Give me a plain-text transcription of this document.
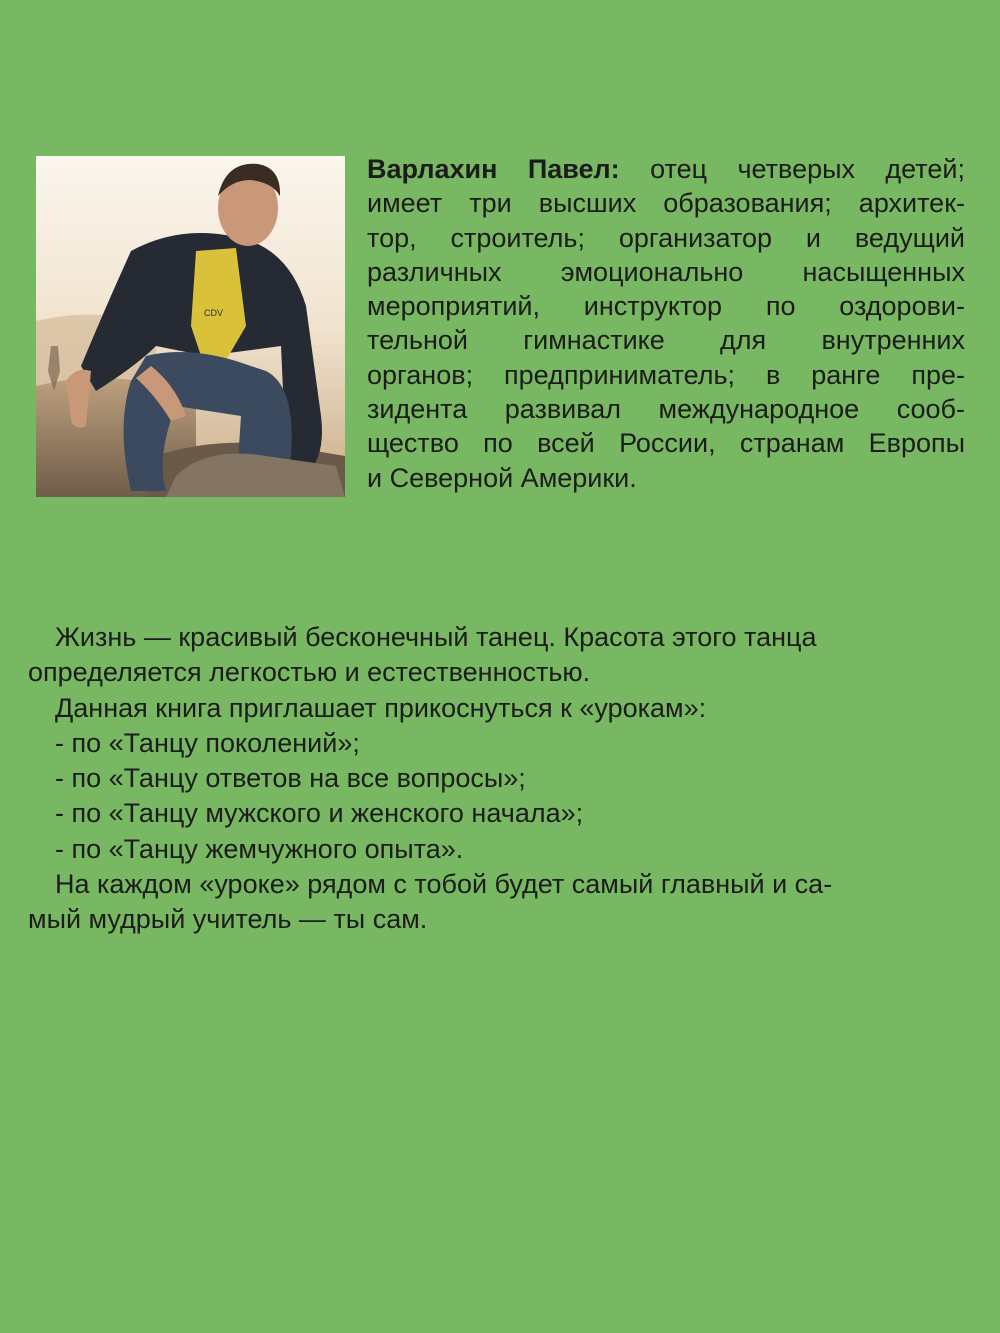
CDV

Варлахин Павел: отец четверых детей;
имеет три высших образования; архитек-
тор, строитель; организатор и ведущий
различных эмоционально насыщенных
мероприятий, инструктор по оздорови-
тельной гимнастике для внутренних
органов; предприниматель; в ранге пре-
зидента развивал международное сооб-
щество по всей России, странам Европы
и Северной Америки.

Жизнь — красивый бесконечный танец. Красота этого танца
определяется легкостью и естественностью.
Данная книга приглашает прикоснуться к «урокам»:
- по «Танцу поколений»;
- по «Танцу ответов на все вопросы»;
- по «Танцу мужского и женского начала»;
- по «Танцу жемчужного опыта».
На каждом «уроке» рядом с тобой будет самый главный и са-
мый мудрый учитель — ты сам.
